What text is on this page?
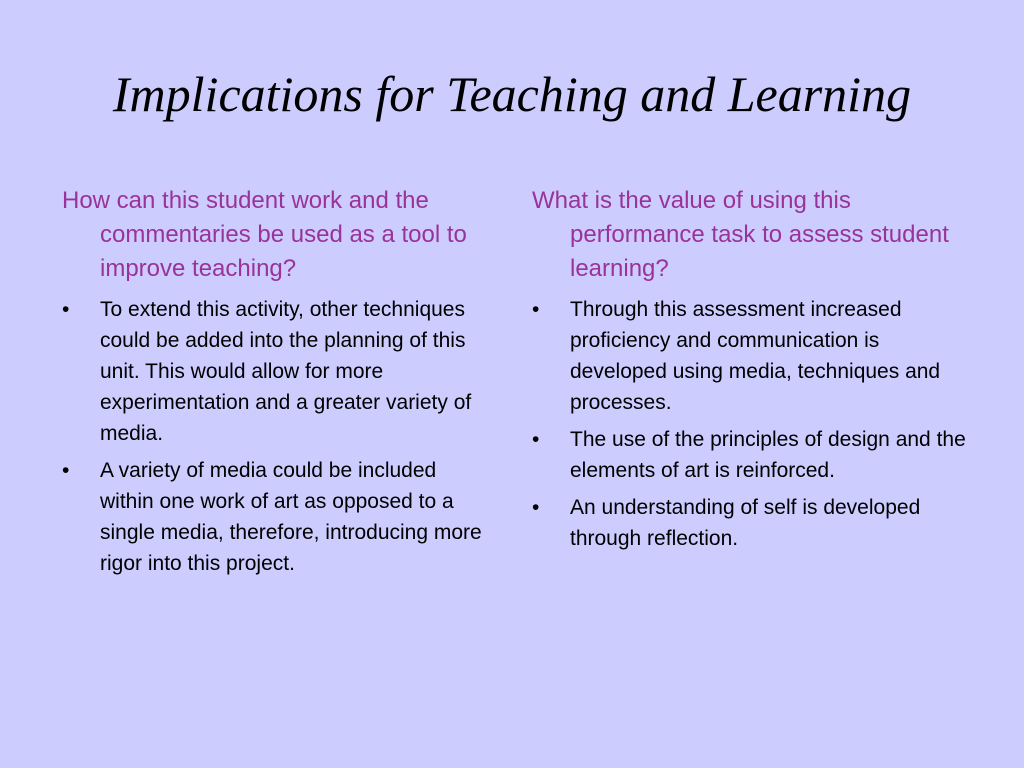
Implications for Teaching and Learning

How can this student work and the commentaries be used as a tool to improve teaching?

•	To extend this activity, other techniques could be added into the planning of this unit. This would allow for more experimentation and a greater variety of media.
•	A variety of media could be included within one work of art as opposed to a single media, therefore, introducing more rigor into this project.

What is the value of using this performance task to assess student learning?

•	Through this assessment increased proficiency and communication is developed using media, techniques and processes.
•	The use of the principles of design and the elements of art is reinforced.
•	An understanding of self is developed through reflection.
